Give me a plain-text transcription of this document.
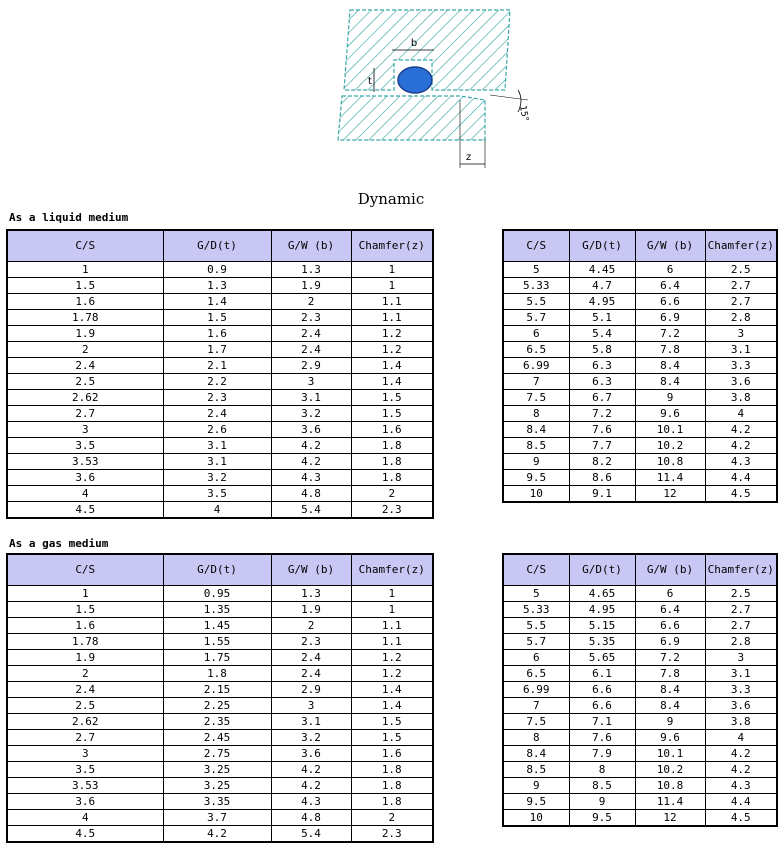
b
t
z
15°
Dynamic
As a liquid medium
C/S	G/D(t)	G/W (b)	Chamfer(z)
1	0.9	1.3	1
1.5	1.3	1.9	1
1.6	1.4	2	1.1
1.78	1.5	2.3	1.1
1.9	1.6	2.4	1.2
2	1.7	2.4	1.2
2.4	2.1	2.9	1.4
2.5	2.2	3	1.4
2.62	2.3	3.1	1.5
2.7	2.4	3.2	1.5
3	2.6	3.6	1.6
3.5	3.1	4.2	1.8
3.53	3.1	4.2	1.8
3.6	3.2	4.3	1.8
4	3.5	4.8	2
4.5	4	5.4	2.3
C/S	G/D(t)	G/W (b)	Chamfer(z)
5	4.45	6	2.5
5.33	4.7	6.4	2.7
5.5	4.95	6.6	2.7
5.7	5.1	6.9	2.8
6	5.4	7.2	3
6.5	5.8	7.8	3.1
6.99	6.3	8.4	3.3
7	6.3	8.4	3.6
7.5	6.7	9	3.8
8	7.2	9.6	4
8.4	7.6	10.1	4.2
8.5	7.7	10.2	4.2
9	8.2	10.8	4.3
9.5	8.6	11.4	4.4
10	9.1	12	4.5
As a gas medium
C/S	G/D(t)	G/W (b)	Chamfer(z)
1	0.95	1.3	1
1.5	1.35	1.9	1
1.6	1.45	2	1.1
1.78	1.55	2.3	1.1
1.9	1.75	2.4	1.2
2	1.8	2.4	1.2
2.4	2.15	2.9	1.4
2.5	2.25	3	1.4
2.62	2.35	3.1	1.5
2.7	2.45	3.2	1.5
3	2.75	3.6	1.6
3.5	3.25	4.2	1.8
3.53	3.25	4.2	1.8
3.6	3.35	4.3	1.8
4	3.7	4.8	2
4.5	4.2	5.4	2.3
C/S	G/D(t)	G/W (b)	Chamfer(z)
5	4.65	6	2.5
5.33	4.95	6.4	2.7
5.5	5.15	6.6	2.7
5.7	5.35	6.9	2.8
6	5.65	7.2	3
6.5	6.1	7.8	3.1
6.99	6.6	8.4	3.3
7	6.6	8.4	3.6
7.5	7.1	9	3.8
8	7.6	9.6	4
8.4	7.9	10.1	4.2
8.5	8	10.2	4.2
9	8.5	10.8	4.3
9.5	9	11.4	4.4
10	9.5	12	4.5
